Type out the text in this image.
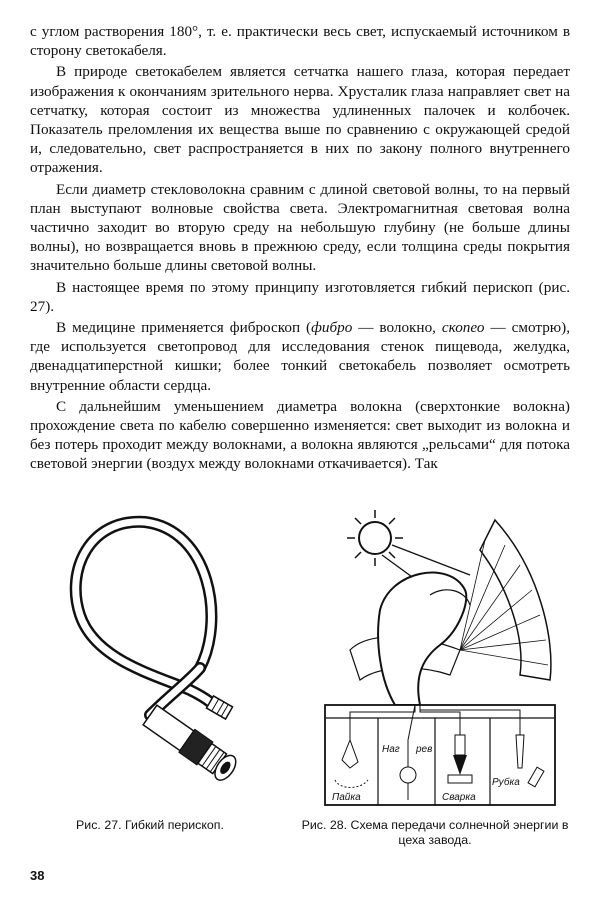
с углом растворения 180°, т. е. практически весь свет, испускаемый источником в сторону светокабеля.

В природе светокабелем является сетчатка нашего глаза, которая передает изображения к окончаниям зрительного нерва. Хрусталик глаза направляет свет на сетчатку, которая состоит из множества удлиненных палочек и колбочек. Показатель преломления их вещества выше по сравнению с окружающей средой и, следовательно, свет распространяется в них по закону полного внутреннего отражения.

Если диаметр стекловолокна сравним с длиной световой волны, то на первый план выступают волновые свойства света. Электромагнитная световая волна частично заходит во вторую среду на небольшую глубину (не больше длины волны), но возвращается вновь в прежнюю среду, если толщина среды покрытия значительно больше длины световой волны.

В настоящее время по этому принципу изготовляется гибкий перископ (рис. 27).

В медицине применяется фиброскоп (фибро — волокно, скопео — смотрю), где используется светопровод для исследования стенок пищевода, желудка, двенадцатиперстной кишки; более тонкий светокабель позволяет осмотреть внутренние области сердца.

С дальнейшим уменьшением диаметра волокна (сверхтонкие волокна) прохождение света по кабелю совершенно изменяется: свет выходит из волокна и без потерь проходит между волокнами, а волокна являются „рельсами“ для потока световой энергии (воздух между волокнами откачивается). Так

Рис. 27. Гибкий перископ.
Пайка
Наг рев
Сварка
Рубка
Рис. 28. Схема передачи солнечной энергии в цеха завода.
38
